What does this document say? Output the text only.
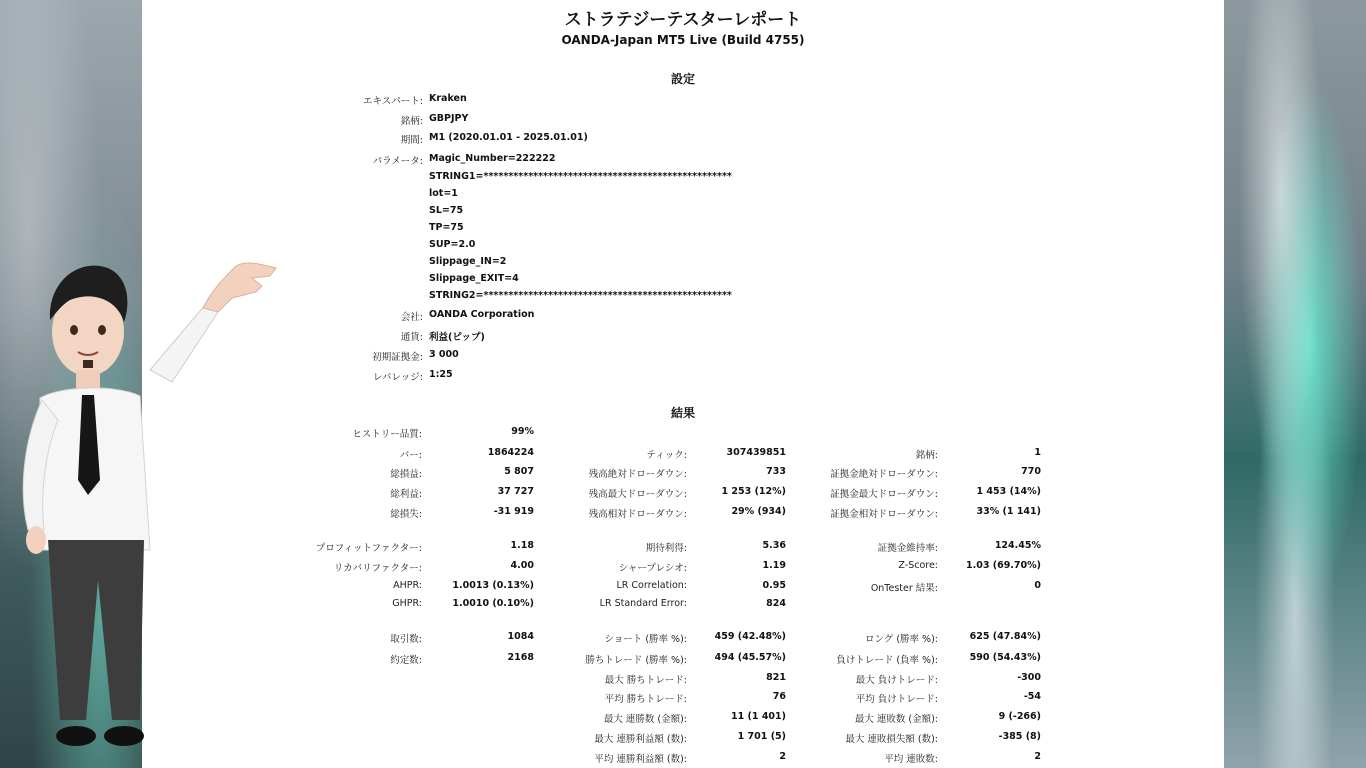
ストラテジーテスターレポート
OANDA-Japan MT5 Live (Build 4755)
設定
エキスパート: Kraken
銘柄: GBPJPY
期間: M1 (2020.01.01 - 2025.01.01)
パラメータ: Magic_Number=222222
STRING1=**************************************************
lot=1
SL=75
TP=75
SUP=2.0
Slippage_IN=2
Slippage_EXIT=4
STRING2=**************************************************
会社: OANDA Corporation
通貨: 利益(ピップ)
初期証拠金: 3 000
レバレッジ: 1:25
結果
ヒストリー品質:	99%
バー:	1864224	ティック:	307439851	銘柄:	1
総損益:	5 807	残高絶対ドローダウン:	733	証拠金絶対ドローダウン:	770
総利益:	37 727	残高最大ドローダウン:	1 253 (12%)	証拠金最大ドローダウン:	1 453 (14%)
総損失:	-31 919	残高相対ドローダウン:	29% (934)	証拠金相対ドローダウン:	33% (1 141)
プロフィットファクター:	1.18	期待利得:	5.36	証拠金維持率:	124.45%
リカバリファクター:	4.00	シャープレシオ:	1.19	Z-Score:	1.03 (69.70%)
AHPR:	1.0013 (0.13%)	LR Correlation:	0.95	OnTester 結果:	0
GHPR:	1.0010 (0.10%)	LR Standard Error:	824
取引数:	1084	ショート (勝率 %):	459 (42.48%)	ロング (勝率 %):	625 (47.84%)
約定数:	2168	勝ちトレード (勝率 %):	494 (45.57%)	負けトレード (負率 %):	590 (54.43%)
最大 勝ちトレード:	821	最大 負けトレード:	-300
平均 勝ちトレード:	76	平均 負けトレード:	-54
最大 連勝数 (金額):	11 (1 401)	最大 連敗数 (金額):	9 (-266)
最大 連勝利益額 (数):	1 701 (5)	最大 連敗損失額 (数):	-385 (8)
平均 連勝利益額 (数):	2	平均 連敗数:	2
